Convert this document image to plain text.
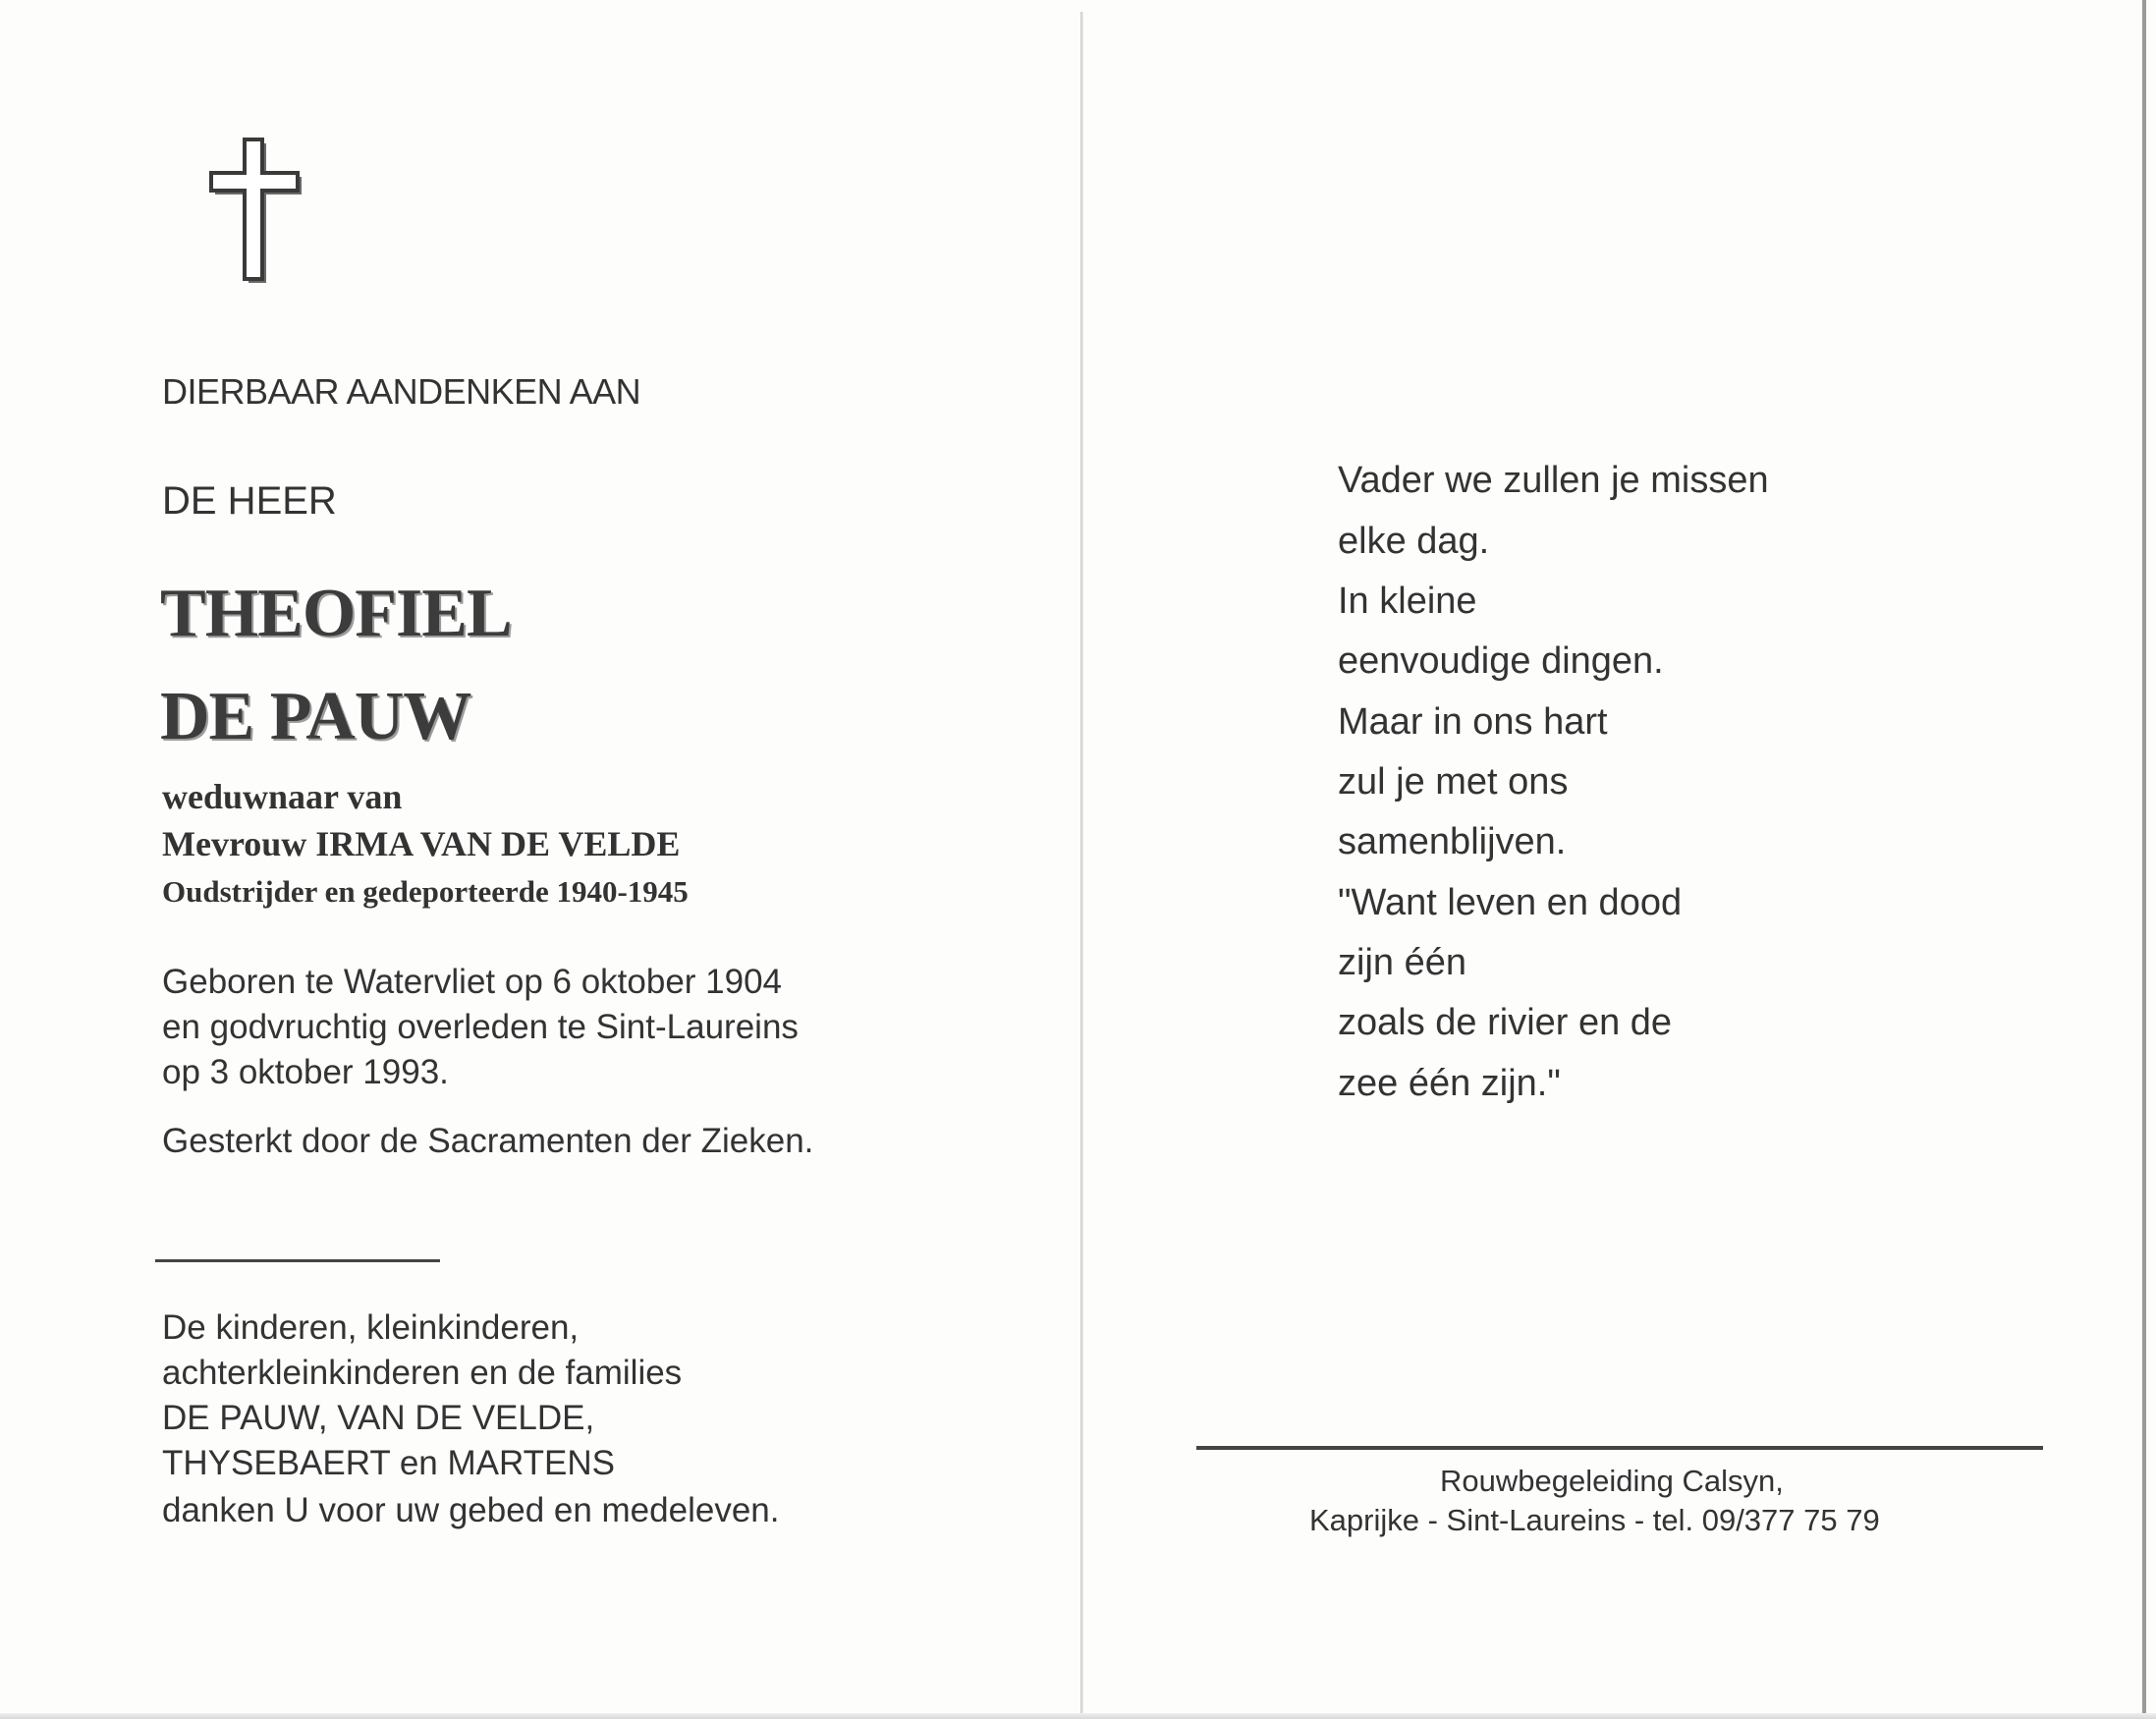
DIERBAAR AANDENKEN AAN

DE HEER

THEOFIEL

DE PAUW

weduwnaar van

Mevrouw IRMA VAN DE VELDE

Oudstrijder en gedeporteerde 1940-1945

Geboren te Watervliet op 6 oktober 1904

en godvruchtig overleden te Sint-Laureins

op 3 oktober 1993.

Gesterkt door de Sacramenten der Zieken.

De kinderen, kleinkinderen,

achterkleinkinderen en de families

DE PAUW, VAN DE VELDE,

THYSEBAERT en MARTENS

danken U voor uw gebed en medeleven.

Vader we zullen je missen

elke dag.

In kleine

eenvoudige dingen.

Maar in ons hart

zul je met ons

samenblijven.

"Want leven en dood

zijn één

zoals de rivier en de

zee één zijn."

Rouwbegeleiding Calsyn,

Kaprijke - Sint-Laureins - tel. 09/377 75 79
